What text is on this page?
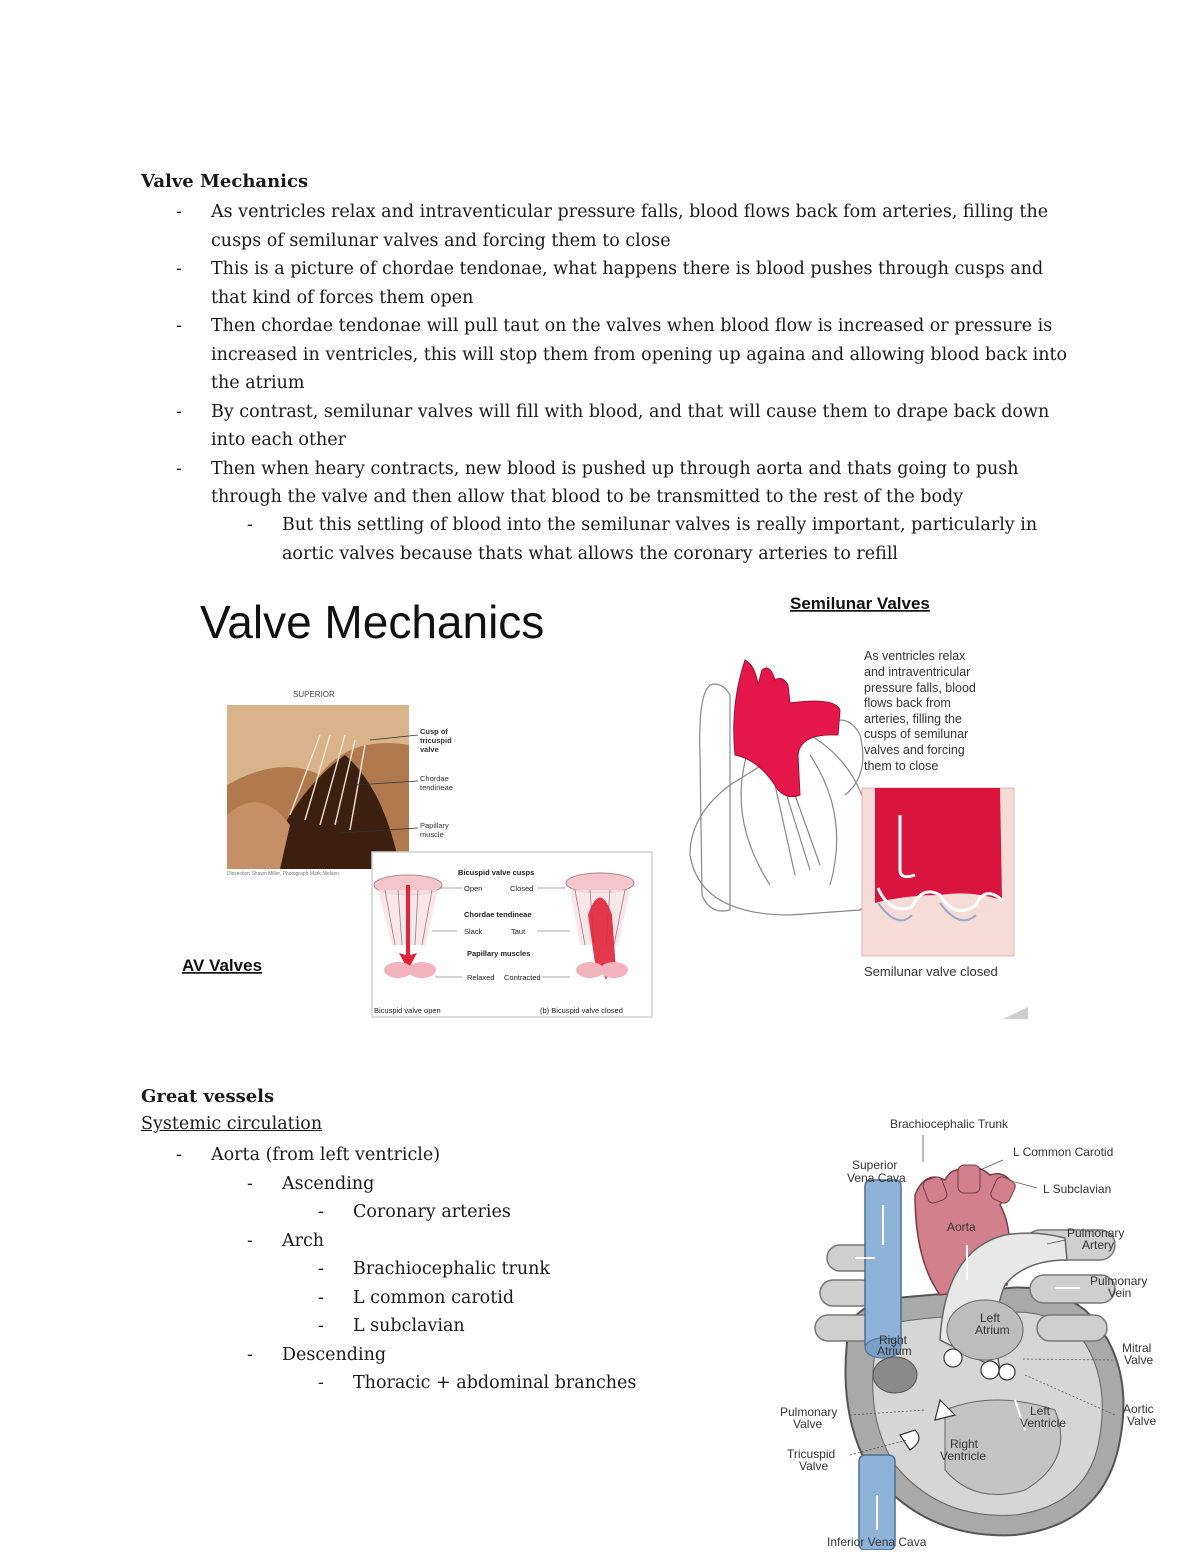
Valve Mechanics
- As ventricles relax and intraventicular pressure falls, blood flows back fom arteries, filling the cusps of semilunar valves and forcing them to close
- This is a picture of chordae tendonae, what happens there is blood pushes through cusps and that kind of forces them open
- Then chordae tendonae will pull taut on the valves when blood flow is increased or pressure is increased in ventricles, this will stop them from opening up againa and allowing blood back into the atrium
- By contrast, semilunar valves will fill with blood, and that will cause them to drape back down into each other
- Then when heary contracts, new blood is pushed up through aorta and thats going to push through the valve and then allow that blood to be transmitted to the rest of the body
- But this settling of blood into the semilunar valves is really important, particularly in aortic valves because thats what allows the coronary arteries to refill
Valve Mechanics	Semilunar Valves
SUPERIOR
Cusp of
tricuspid
valve
Chordae
tendineae
Papillary
muscle
Dissection Shawn Miller, Photograph Mark Nielsen
AV Valves
Bicuspid valve cusps
Open	Closed
Chordae tendineae
Slack	Taut
Papillary muscles
Relaxed Contracted
Bicuspid valve open	(b) Bicuspid valve closed
As ventricles relax
and intraventricular
pressure falls, blood
flows back from
arteries, filling the
cusps of semilunar
valves and forcing
them to close
Semilunar valve closed
Great vessels
Systemic circulation
- Aorta (from left ventricle)
- Ascending
- Coronary arteries
- Arch
- Brachiocephalic trunk
- L common carotid
- L subclavian
- Descending
- Thoracic + abdominal branches
Brachiocephalic Trunk
L Common Carotid
L Subclavian
Superior
Vena Cava
Aorta	Pulmonary
Artery
Pulmonary
Vein
Left
Atrium
Right
Atrium	Mitral
Valve
Pulmonary
Valve
Left
Ventricle
Aortic
Valve
Tricuspid
Valve
Right
Ventricle
Inferior Vena Cava
